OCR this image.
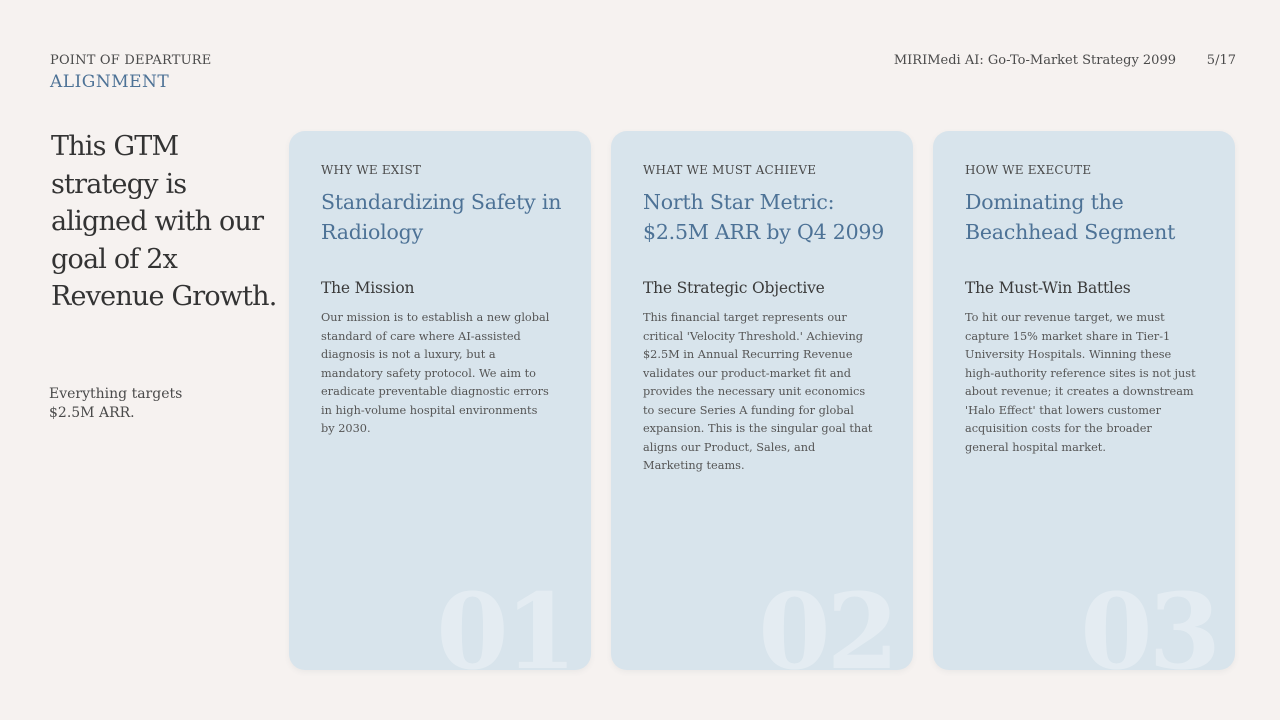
POINT OF DEPARTURE
ALIGNMENT
MIRIMedi AI: Go-To-Market Strategy 2099 5/17
This GTM strategy is aligned with our goal of 2x Revenue Growth.
Everything targets $2.5M ARR.
WHY WE EXIST
Standardizing Safety in Radiology
The Mission
Our mission is to establish a new global standard of care where AI-assisted diagnosis is not a luxury, but a mandatory safety protocol. We aim to eradicate preventable diagnostic errors in high-volume hospital environments by 2030.
01
WHAT WE MUST ACHIEVE
North Star Metric: $2.5M ARR by Q4 2099
The Strategic Objective
This financial target represents our critical 'Velocity Threshold.' Achieving $2.5M in Annual Recurring Revenue validates our product-market fit and provides the necessary unit economics to secure Series A funding for global expansion. This is the singular goal that aligns our Product, Sales, and Marketing teams.
02
HOW WE EXECUTE
Dominating the Beachhead Segment
The Must-Win Battles
To hit our revenue target, we must capture 15% market share in Tier-1 University Hospitals. Winning these high-authority reference sites is not just about revenue; it creates a downstream 'Halo Effect' that lowers customer acquisition costs for the broader general hospital market.
03
